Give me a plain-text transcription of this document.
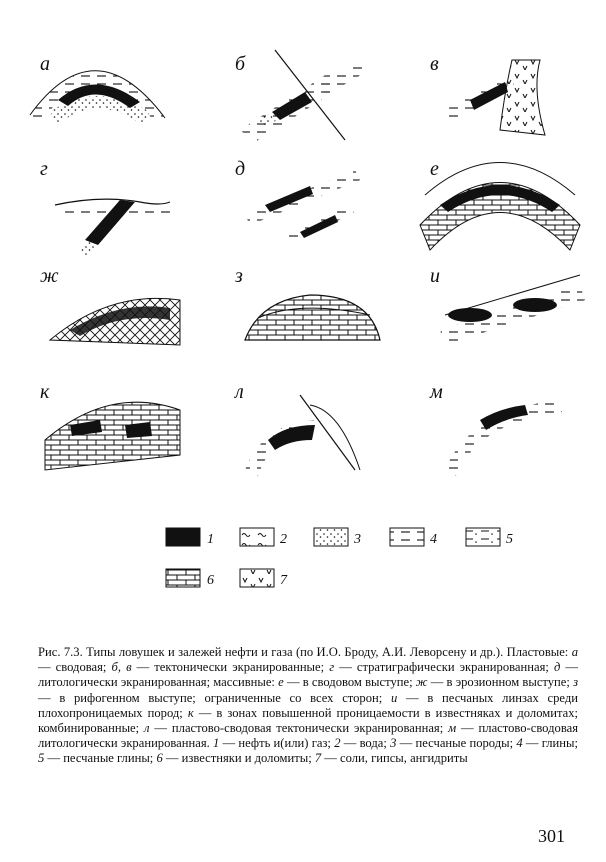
а	б	в
г	д	е
ж	з	и
к	л	м
1	2	3	4	5
6	7

Рис. 7.3. Типы ловушек и залежей нефти и газа (по И.О. Броду, А.И. Леворсену и др.). Пластовые: а — сводовая; б, в — тектонически экранированные; г — стратиграфически экранированная; д — литологически экранированная; массивные: е — в сводовом выступе; ж — в эрозионном выступе; з — в рифогенном выступе; ограниченные со всех сторон; и — в песчаных линзах среди плохопроницаемых пород; к — в зонах повышенной проницаемости в известняках и доломитах; комбинированные; л — пластово-сводовая тектонически экранированная; м — пластово-сводовая литологически экранированная. 1 — нефть и(или) газ; 2 — вода; 3 — песчаные породы; 4 — глины; 5 — песчаные глины; 6 — известняки и доломиты; 7 — соли, гипсы, ангидриты

301
